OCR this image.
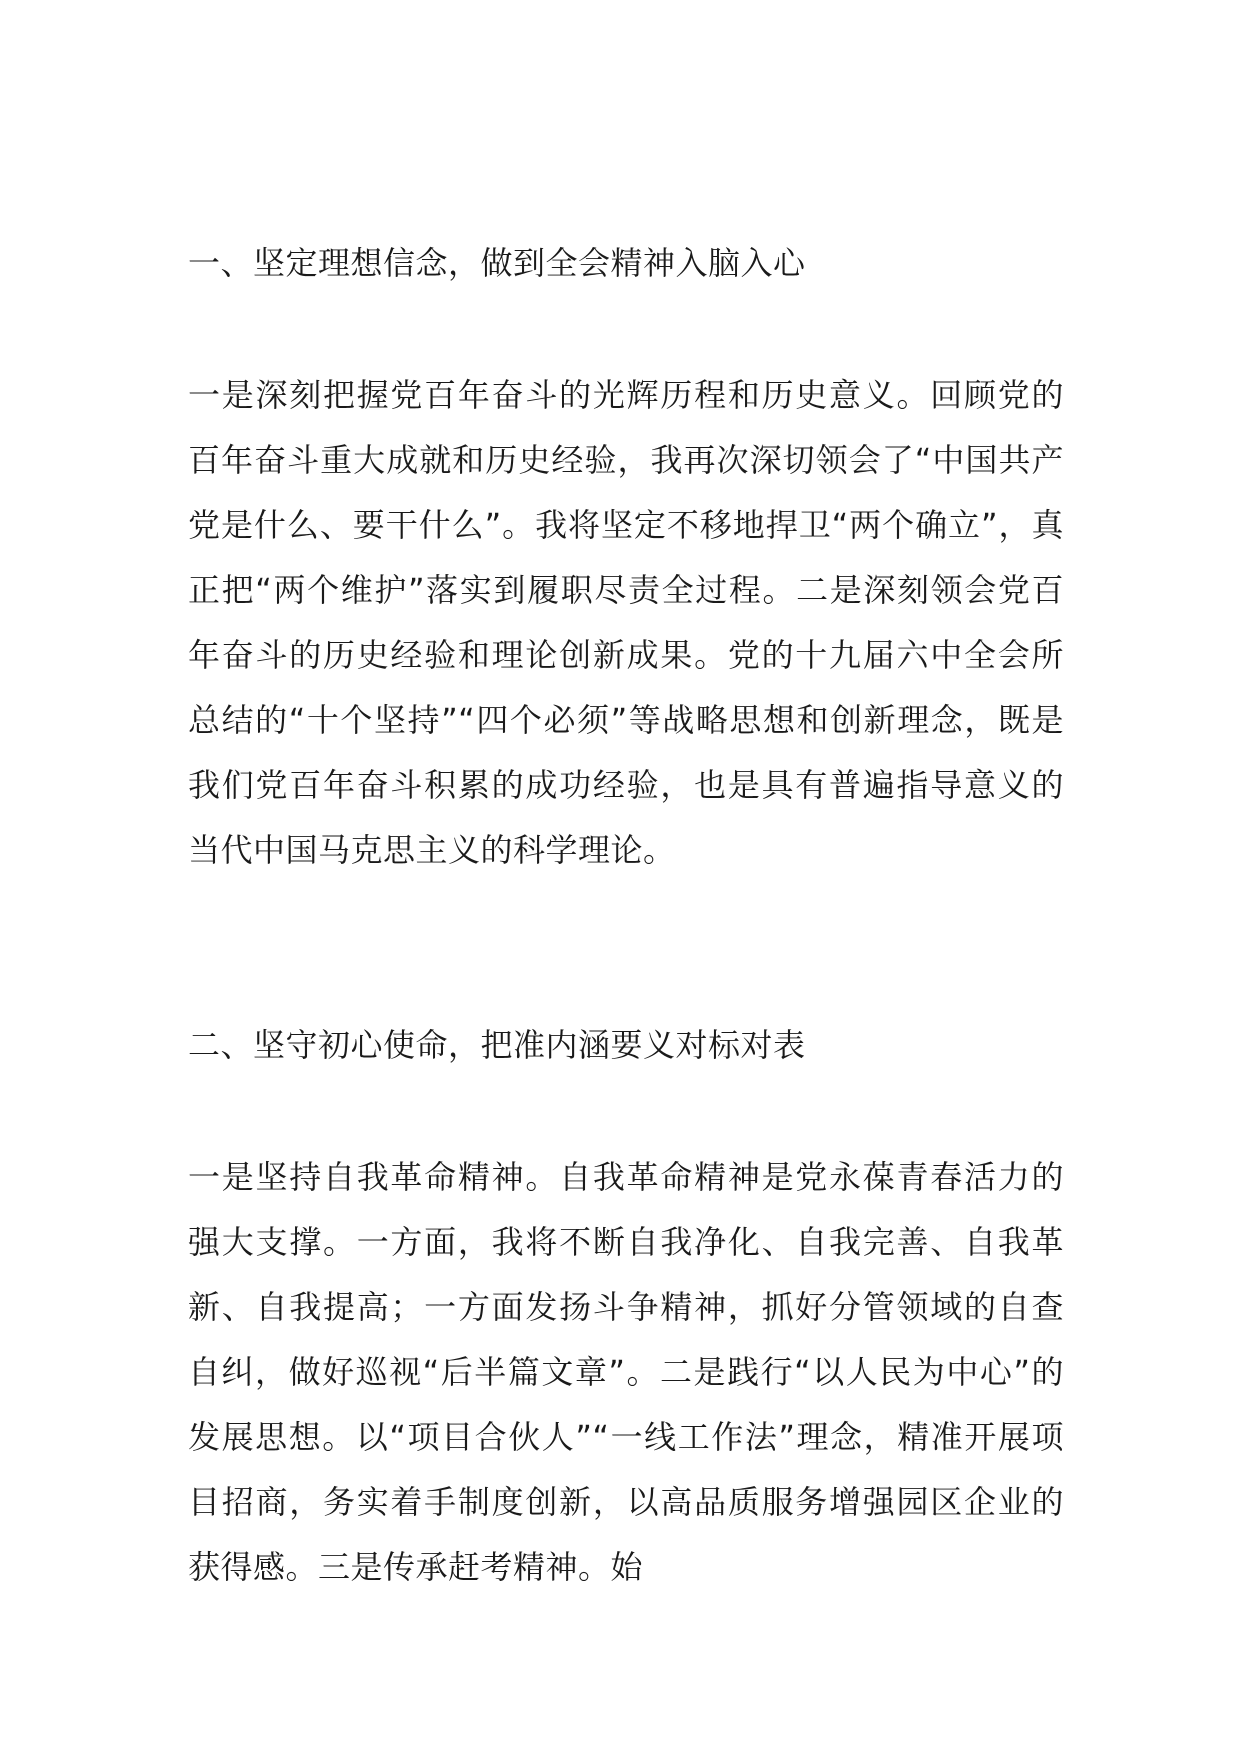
一、坚定理想信念，做到全会精神入脑入心
一是深刻把握党百年奋斗的光辉历程和历史意义。回顾党的百年奋斗重大成就和历史经验，我再次深切领会了“中国共产党是什么、要干什么”。我将坚定不移地捍卫“两个确立”，真正把“两个维护”落实到履职尽责全过程。二是深刻领会党百年奋斗的历史经验和理论创新成果。党的十九届六中全会所总结的“十个坚持”“四个必须”等战略思想和创新理念，既是我们党百年奋斗积累的成功经验，也是具有普遍指导意义的当代中国马克思主义的科学理论。
二、坚守初心使命，把准内涵要义对标对表
一是坚持自我革命精神。自我革命精神是党永葆青春活力的强大支撑。一方面，我将不断自我净化、自我完善、自我革新、自我提高；一方面发扬斗争精神，抓好分管领域的自查自纠，做好巡视“后半篇文章”。二是践行“以人民为中心”的发展思想。以“项目合伙人”“一线工作法”理念，精准开展项目招商，务实着手制度创新，以高品质服务增强园区企业的获得感。三是传承赶考精神。始
